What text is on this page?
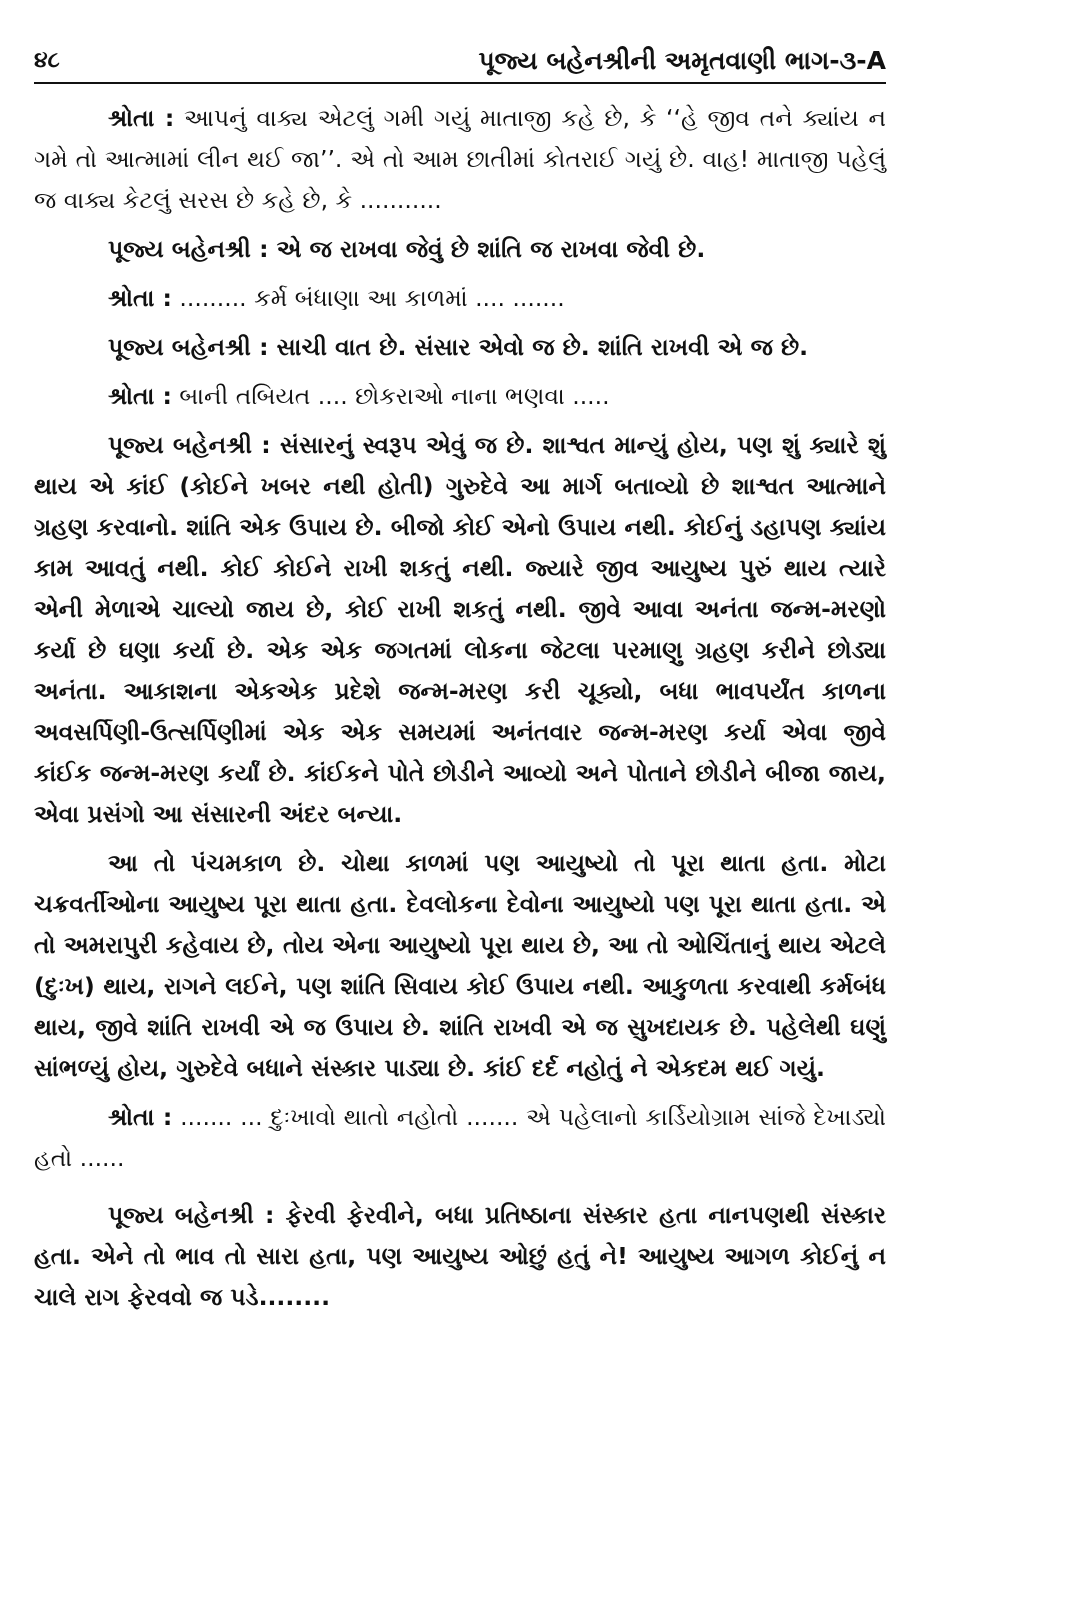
૪૮	પૂજ્ય બહેનશ્રીની અમૃતવાણી ભાગ-૩-A

શ્રોતા : આપનું વાક્ય એટલું ગમી ગયું માતાજી કહે છે, કે ‘‘હે જીવ તને ક્યાંય ન ગમે તો આત્મામાં લીન થઈ જા’’. એ તો આમ છાતીમાં કોતરાઈ ગયું છે. વાહ! માતાજી પહેલું જ વાક્ય કેટલું સરસ છે કહે છે, કે ...........

પૂજ્ય બહેનશ્રી : એ જ રાખવા જેવું છે શાંતિ જ રાખવા જેવી છે.

શ્રોતા : ......... કર્મ બંધાણા આ કાળમાં .... .......

પૂજ્ય બહેનશ્રી : સાચી વાત છે. સંસાર એવો જ છે. શાંતિ રાખવી એ જ છે.

શ્રોતા : બાની તબિયત .... છોકરાઓ નાના ભણવા .....

પૂજ્ય બહેનશ્રી : સંસારનું સ્વરૂપ એવું જ છે. શાશ્વત માન્યું હોય, પણ શું ક્યારે શું થાય એ કાંઈ (કોઈને ખબર નથી હોતી) ગુરુદેવે આ માર્ગ બતાવ્યો છે શાશ્વત આત્માને ગ્રહણ કરવાનો. શાંતિ એક ઉપાય છે. બીજો કોઈ એનો ઉપાય નથી. કોઈનું ડહાપણ ક્યાંય કામ આવતું નથી. કોઈ કોઈને રાખી શકતું નથી. જ્યારે જીવ આયુષ્ય પુરું થાય ત્યારે એની મેળાએ ચાલ્યો જાય છે, કોઈ રાખી શકતું નથી. જીવે આવા અનંતા જન્મ-મરણો કર્યા છે ઘણા કર્યા છે. એક એક જગતમાં લોકના જેટલા પરમાણુ ગ્રહણ કરીને છોડ્યા અનંતા. આકાશના એકએક પ્રદેશે જન્મ-મરણ કરી ચૂક્યો, બધા ભાવપર્યંત કાળના અવસર્પિણી-ઉત્સર્પિણીમાં એક એક સમયમાં અનંતવાર જન્મ-મરણ કર્યા એવા જીવે કાંઈક જન્મ-મરણ કર્યાં છે. કાંઈકને પોતે છોડીને આવ્યો અને પોતાને છોડીને બીજા જાય, એવા પ્રસંગો આ સંસારની અંદર બન્યા.

આ તો પંચમકાળ છે. ચોથા કાળમાં પણ આયુષ્યો તો પૂરા થાતા હતા. મોટા ચક્રવર્તીઓના આયુષ્ય પૂરા થાતા હતા. દેવલોકના દેવોના આયુષ્યો પણ પૂરા થાતા હતા. એ તો અમરાપુરી કહેવાય છે, તોય એના આયુષ્યો પૂરા થાય છે, આ તો ઓચિંતાનું થાય એટલે (દુઃખ) થાય, રાગને લઈને, પણ શાંતિ સિવાય કોઈ ઉપાય નથી. આકુળતા કરવાથી કર્મબંધ થાય, જીવે શાંતિ રાખવી એ જ ઉપાય છે. શાંતિ રાખવી એ જ સુખદાયક છે. પહેલેથી ઘણું સાંભળ્યું હોય, ગુરુદેવે બધાને સંસ્કાર પાડ્યા છે. કાંઈ દર્દ નહોતું ને એકદમ થઈ ગયું.

શ્રોતા : ....... ... દુઃખાવો થાતો નહોતો ....... એ પહેલાનો કાર્ડિયોગ્રામ સાંજે દેખાડ્યો હતો ......

પૂજ્ય બહેનશ્રી : ફેરવી ફેરવીને, બધા પ્રતિષ્ઠાના સંસ્કાર હતા નાનપણથી સંસ્કાર હતા. એને તો ભાવ તો સારા હતા, પણ આયુષ્ય ઓછું હતું ને! આયુષ્ય આગળ કોઈનું ન ચાલે રાગ ફેરવવો જ પડે........
